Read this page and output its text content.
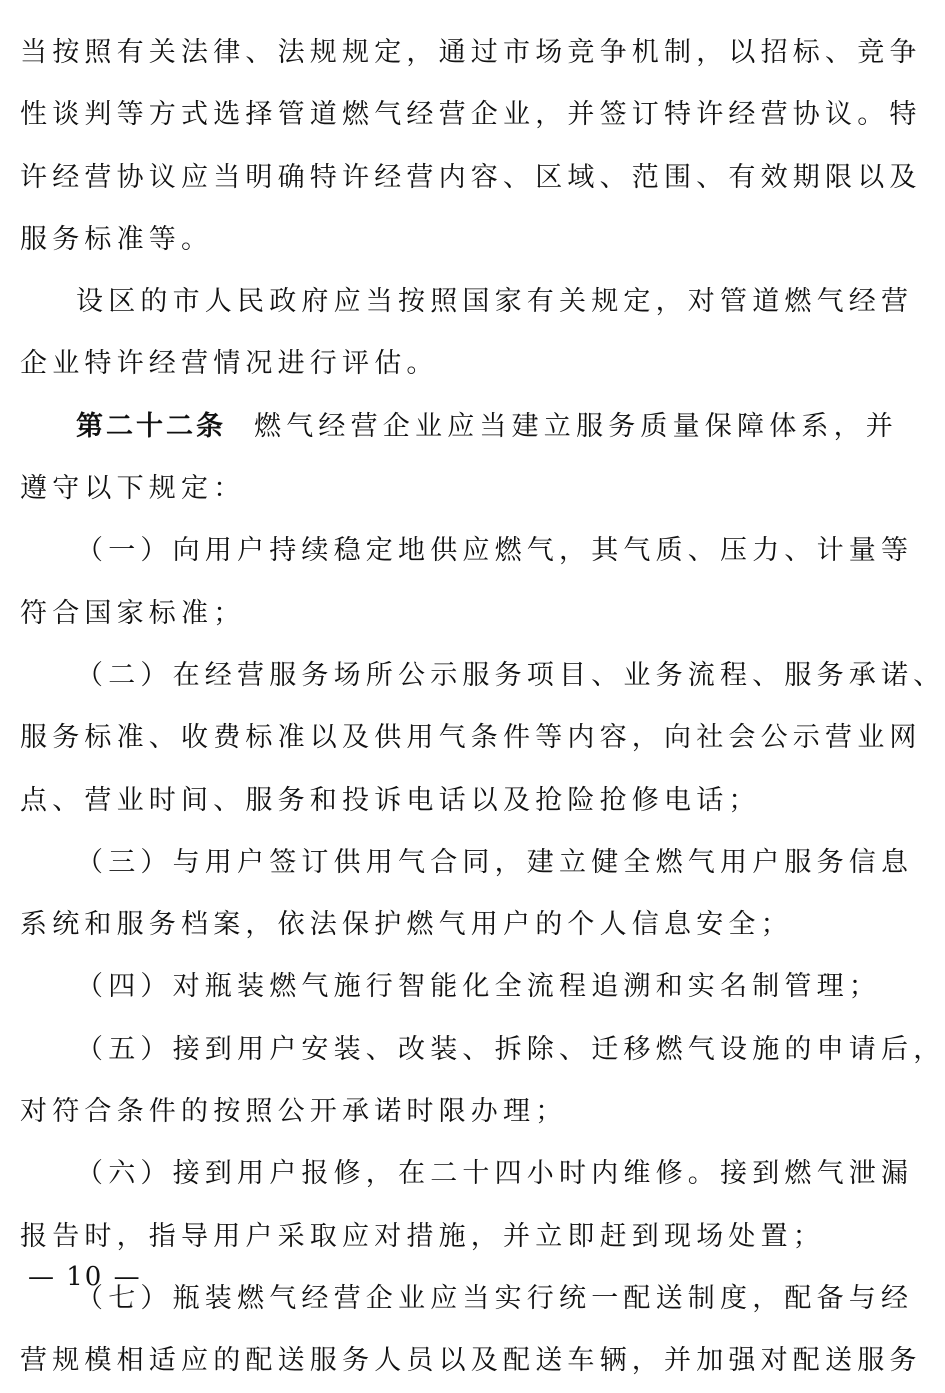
当按照有关法律、法规规定，通过市场竞争机制，以招标、竞争
性谈判等方式选择管道燃气经营企业，并签订特许经营协议。特
许经营协议应当明确特许经营内容、区域、范围、有效期限以及
服务标准等。
设区的市人民政府应当按照国家有关规定，对管道燃气经营
企业特许经营情况进行评估。
第二十二条 燃气经营企业应当建立服务质量保障体系，并
遵守以下规定：
（一）向用户持续稳定地供应燃气，其气质、压力、计量等
符合国家标准；
（二）在经营服务场所公示服务项目、业务流程、服务承诺、
服务标准、收费标准以及供用气条件等内容，向社会公示营业网
点、营业时间、服务和投诉电话以及抢险抢修电话；
（三）与用户签订供用气合同，建立健全燃气用户服务信息
系统和服务档案，依法保护燃气用户的个人信息安全；
（四）对瓶装燃气施行智能化全流程追溯和实名制管理；
（五）接到用户安装、改装、拆除、迁移燃气设施的申请后，
对符合条件的按照公开承诺时限办理；
（六）接到用户报修，在二十四小时内维修。接到燃气泄漏
报告时，指导用户采取应对措施，并立即赶到现场处置；
（七）瓶装燃气经营企业应当实行统一配送制度，配备与经
营规模相适应的配送服务人员以及配送车辆，并加强对配送服务
— 10 —
